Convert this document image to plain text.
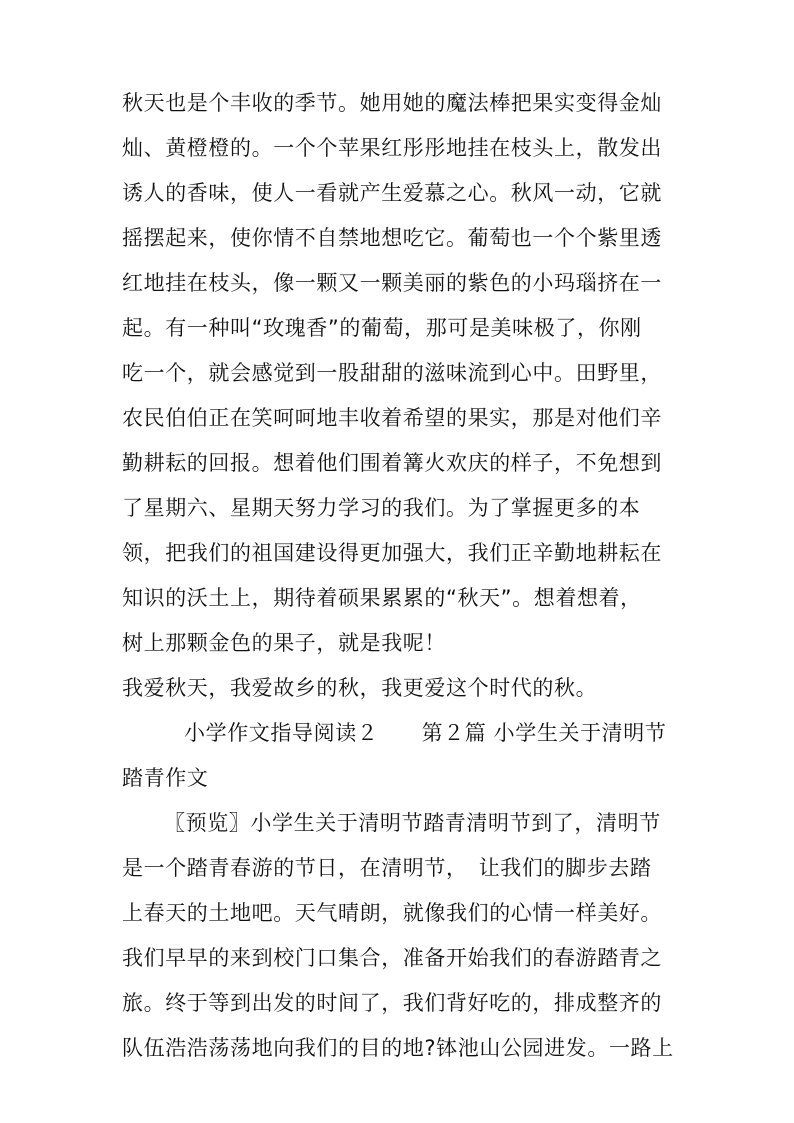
秋天也是个丰收的季节。她用她的魔法棒把果实变得金灿

灿、黄橙橙的。一个个苹果红彤彤地挂在枝头上，散发出

诱人的香味，使人一看就产生爱慕之心。秋风一动，它就

摇摆起来，使你情不自禁地想吃它。葡萄也一个个紫里透

红地挂在枝头，像一颗又一颗美丽的紫色的小玛瑙挤在一

起。有一种叫“玫瑰香”的葡萄，那可是美味极了，你刚

吃一个，就会感觉到一股甜甜的滋味流到心中。田野里，

农民伯伯正在笑呵呵地丰收着希望的果实，那是对他们辛

勤耕耘的回报。想着他们围着篝火欢庆的样子，不免想到

了星期六、星期天努力学习的我们。为了掌握更多的本

领，把我们的祖国建设得更加强大，我们正辛勤地耕耘在

知识的沃土上，期待着硕果累累的“秋天”。想着想着，

树上那颗金色的果子，就是我呢！

我爱秋天，我爱故乡的秋，我更爱这个时代的秋。

小学作文指导阅读２　　第２篇 小学生关于清明节

踏青作文

〖预览〗小学生关于清明节踏青清明节到了，清明节

是一个踏青春游的节日，在清明节，　让我们的脚步去踏

上春天的土地吧。天气晴朗，就像我们的心情一样美好。

我们早早的来到校门口集合，准备开始我们的春游踏青之

旅。终于等到出发的时间了，我们背好吃的，排成整齐的

队伍浩浩荡荡地向我们的目的地?钵池山公园进发。一路上
